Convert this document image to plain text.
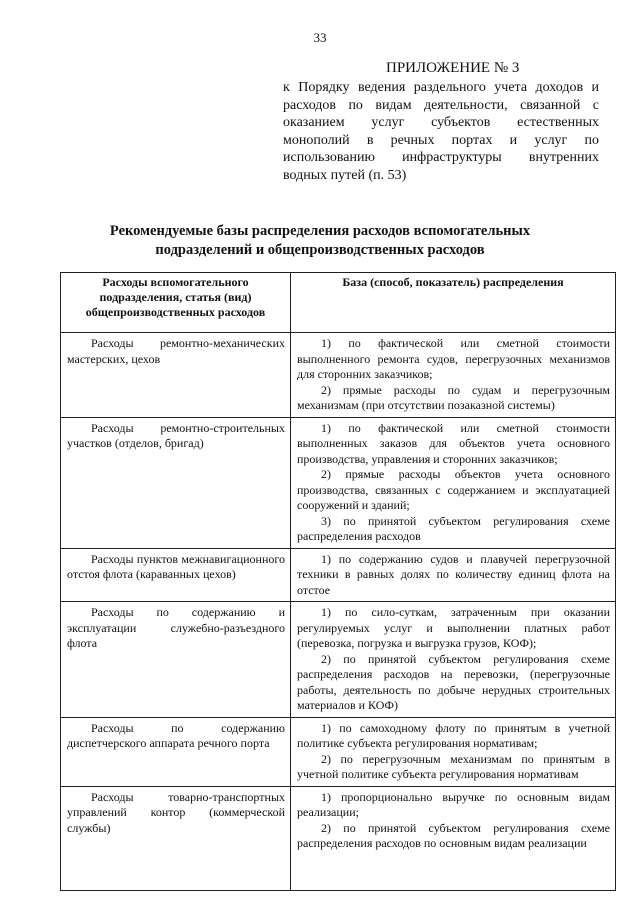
33
ПРИЛОЖЕНИЕ № 3
к Порядку ведения раздельного учета доходов и расходов по видам деятельности, связанной с оказанием услуг субъектов естественных монополий в речных портах и услуг по использованию инфраструктуры внутренних водных путей (п. 53)
Рекомендуемые базы распределения расходов вспомогательных подразделений и общепроизводственных расходов
Расходы вспомогательного подразделения, статья (вид) общепроизводственных расходов	База (способ, показатель) распределения

Расходы ремонтно-механических мастерских, цехов	1) по фактической или сметной стоимости выполненного ремонта судов, перегрузочных механизмов для сторонних заказчиков;
2) прямые расходы по судам и перегрузочным механизмам (при отсутствии позаказной системы)

Расходы ремонтно-строительных участков (отделов, бригад)	1) по фактической или сметной стоимости выполненных заказов для объектов учета основного производства, управления и сторонних заказчиков;
2) прямые расходы объектов учета основного производства, связанных с содержанием и эксплуатацией сооружений и зданий;
3) по принятой субъектом регулирования схеме распределения расходов

Расходы пунктов межнавигационного отстоя флота (караванных цехов)	1) по содержанию судов и плавучей перегрузочной техники в равных долях по количеству единиц флота на отстое

Расходы по содержанию и эксплуатации служебно-разъездного флота	1) по сило-суткам, затраченным при оказании регулируемых услуг и выполнении платных работ (перевозка, погрузка и выгрузка грузов, КОФ);
2) по принятой субъектом регулирования схеме распределения расходов на перевозки, (перегрузочные работы, деятельность по добыче нерудных строительных материалов и КОФ)

Расходы по содержанию диспетчерского аппарата речного порта	1) по самоходному флоту по принятым в учетной политике субъекта регулирования нормативам;
2) по перегрузочным механизмам по принятым в учетной политике субъекта регулирования нормативам

Расходы товарно-транспортных управлений контор (коммерческой службы)	1) пропорционально выручке по основным видам реализации;
2) по принятой субъектом регулирования схеме распределения расходов по основным видам реализации
